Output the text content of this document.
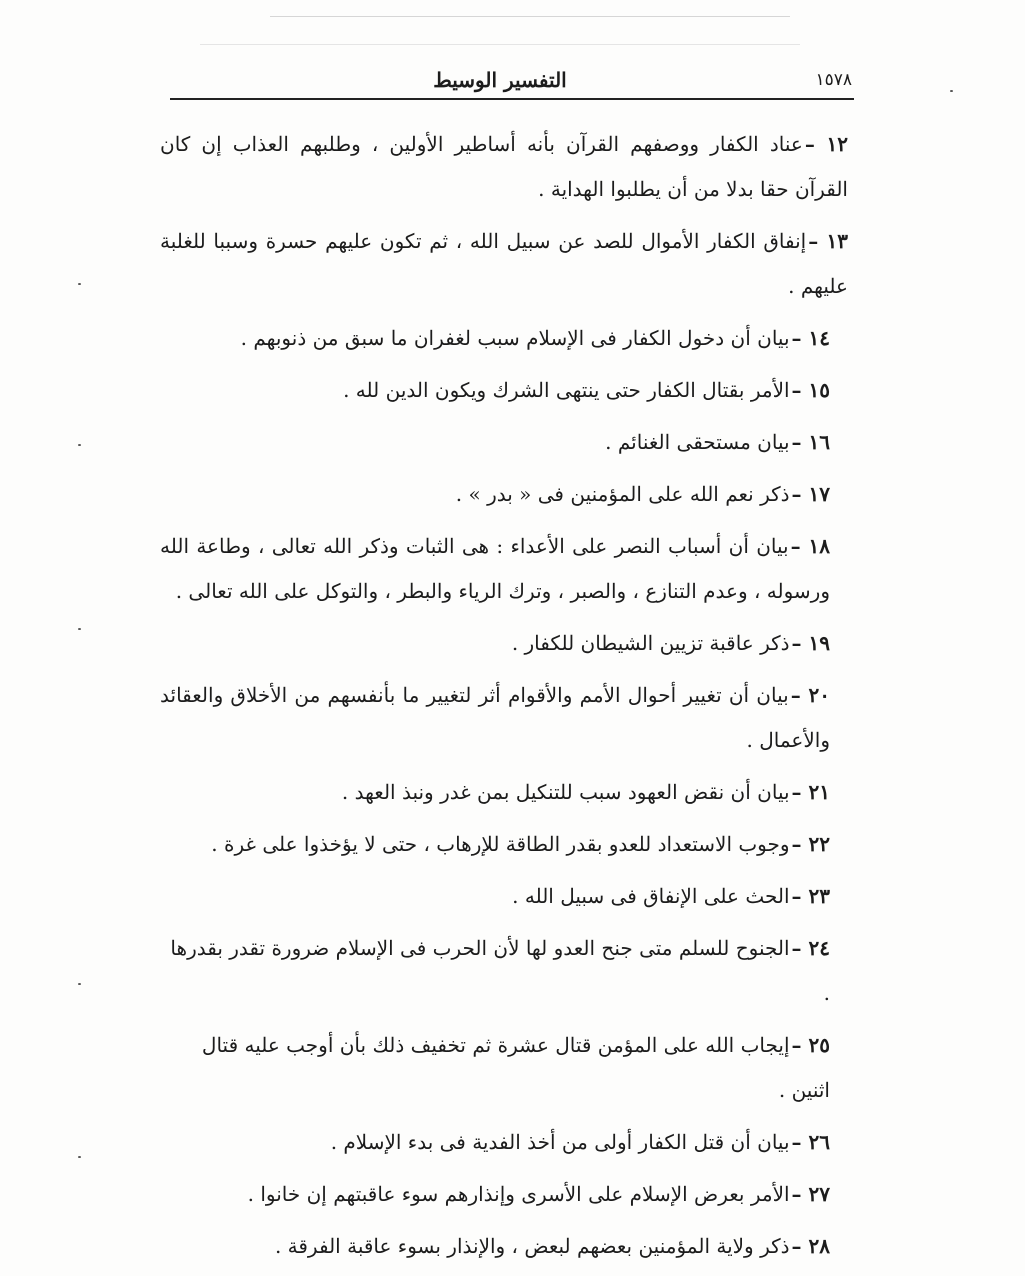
التفسير الوسيط	١٥٧٨

١٢ –عناد الكفار ووصفهم القرآن بأنه أساطير الأولين ، وطلبهم العذاب إن كان القرآن حقا بدلا من أن يطلبوا الهداية .

١٣ –إنفاق الكفار الأموال للصد عن سبيل الله ، ثم تكون عليهم حسرة وسببا للغلبة عليهم .

١٤ –بيان أن دخول الكفار فى الإسلام سبب لغفران ما سبق من ذنوبهم .

١٥ –الأمر بقتال الكفار حتى ينتهى الشرك ويكون الدين لله .

١٦ –بيان مستحقى الغنائم .

١٧ –ذكر نعم الله على المؤمنين فى « بدر » .

١٨ –بيان أن أسباب النصر على الأعداء : هى الثبات وذكر الله تعالى ، وطاعة الله ورسوله ، وعدم التنازع ، والصبر ، وترك الرياء والبطر ، والتوكل على الله تعالى .

١٩ –ذكر عاقبة تزيين الشيطان للكفار .

٢٠ –بيان أن تغيير أحوال الأمم والأقوام أثر لتغيير ما بأنفسهم من الأخلاق والعقائد والأعمال .

٢١ –بيان أن نقض العهود سبب للتنكيل بمن غدر ونبذ العهد .

٢٢ –وجوب الاستعداد للعدو بقدر الطاقة للإرهاب ، حتى لا يؤخذوا على غرة .

٢٣ –الحث على الإنفاق فى سبيل الله .

٢٤ –الجنوح للسلم متى جنح العدو لها لأن الحرب فى الإسلام ضرورة تقدر بقدرها .

٢٥ –إيجاب الله على المؤمن قتال عشرة ثم تخفيف ذلك بأن أوجب عليه قتال اثنين .

٢٦ –بيان أن قتل الكفار أولى من أخذ الفدية فى بدء الإسلام .

٢٧ –الأمر بعرض الإسلام على الأسرى وإنذارهم سوء عاقبتهم إن خانوا .

٢٨ –ذكر ولاية المؤمنين بعضهم لبعض ، والإنذار بسوء عاقبة الفرقة .
